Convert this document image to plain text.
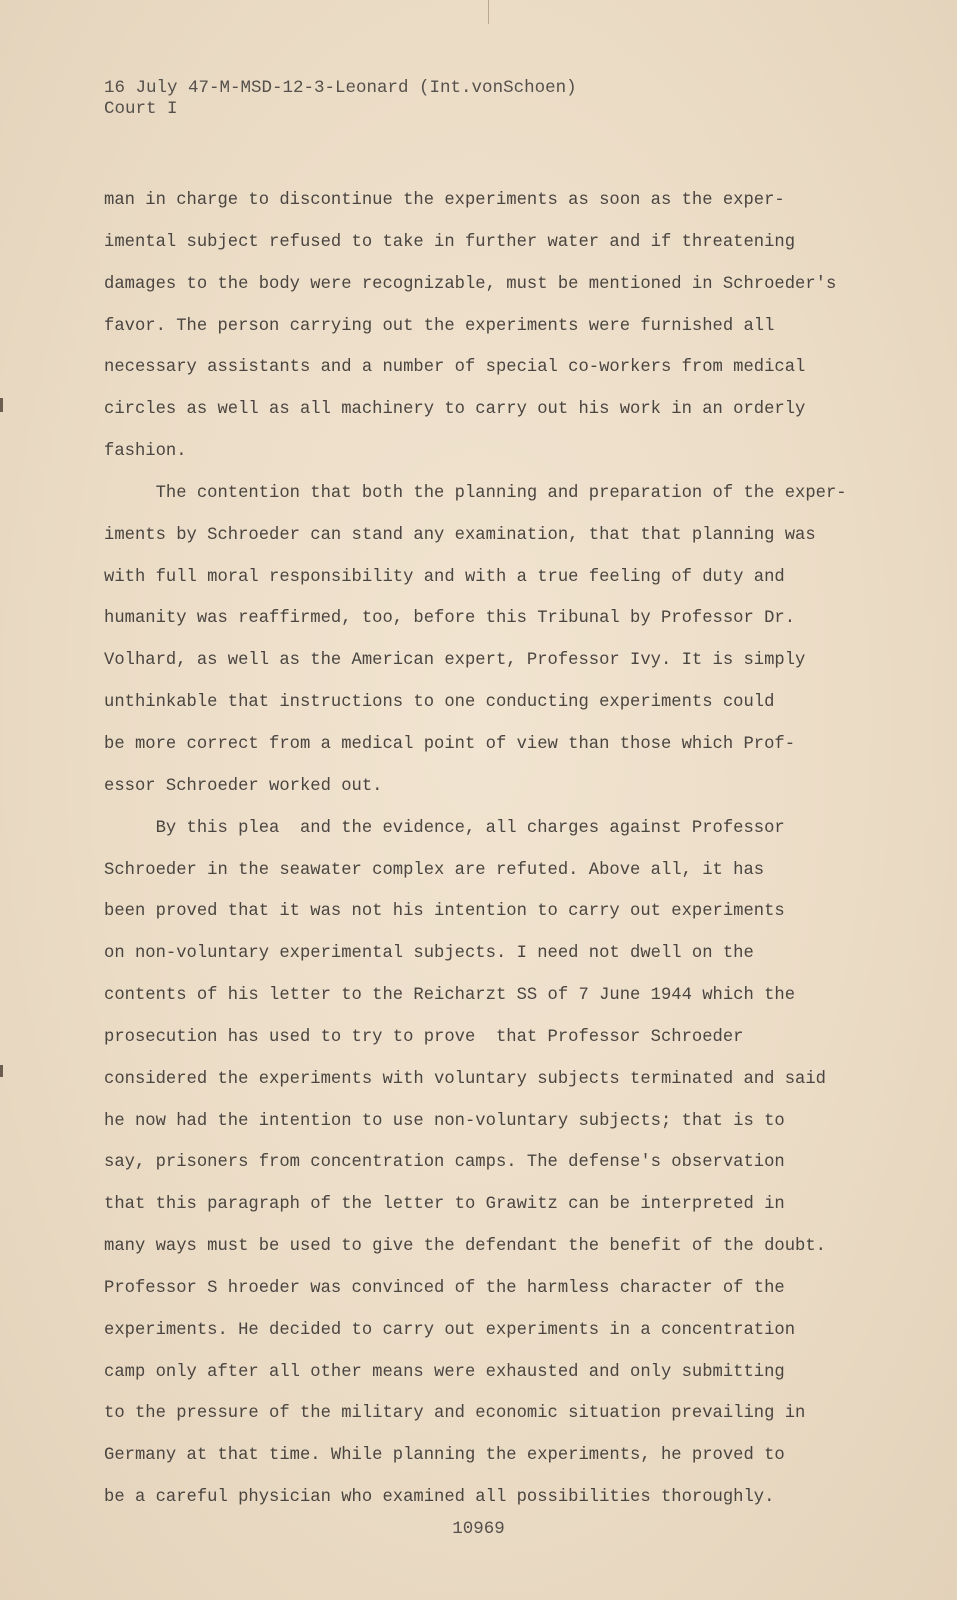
16 July 47-M-MSD-12-3-Leonard (Int.vonSchoen)
Court I
man in charge to discontinue the experiments as soon as the exper-
imental subject refused to take in further water and if threatening
damages to the body were recognizable, must be mentioned in Schroeder's
favor. The person carrying out the experiments were furnished all
necessary assistants and a number of special co-workers from medical
circles as well as all machinery to carry out his work in an orderly
fashion.
The contention that both the planning and preparation of the exper-
iments by Schroeder can stand any examination, that that planning was
with full moral responsibility and with a true feeling of duty and
humanity was reaffirmed, too, before this Tribunal by Professor Dr.
Volhard, as well as the American expert, Professor Ivy. It is simply
unthinkable that instructions to one conducting experiments could
be more correct from a medical point of view than those which Prof-
essor Schroeder worked out.
By this plea  and the evidence, all charges against Professor
Schroeder in the seawater complex are refuted. Above all, it has
been proved that it was not his intention to carry out experiments
on non-voluntary experimental subjects. I need not dwell on the
contents of his letter to the Reicharzt SS of 7 June 1944 which the
prosecution has used to try to prove  that Professor Schroeder
considered the experiments with voluntary subjects terminated and said
he now had the intention to use non-voluntary subjects; that is to
say, prisoners from concentration camps. The defense's observation
that this paragraph of the letter to Grawitz can be interpreted in
many ways must be used to give the defendant the benefit of the doubt.
Professor S hroeder was convinced of the harmless character of the
experiments. He decided to carry out experiments in a concentration
camp only after all other means were exhausted and only submitting
to the pressure of the military and economic situation prevailing in
Germany at that time. While planning the experiments, he proved to
be a careful physician who examined all possibilities thoroughly.
10969
